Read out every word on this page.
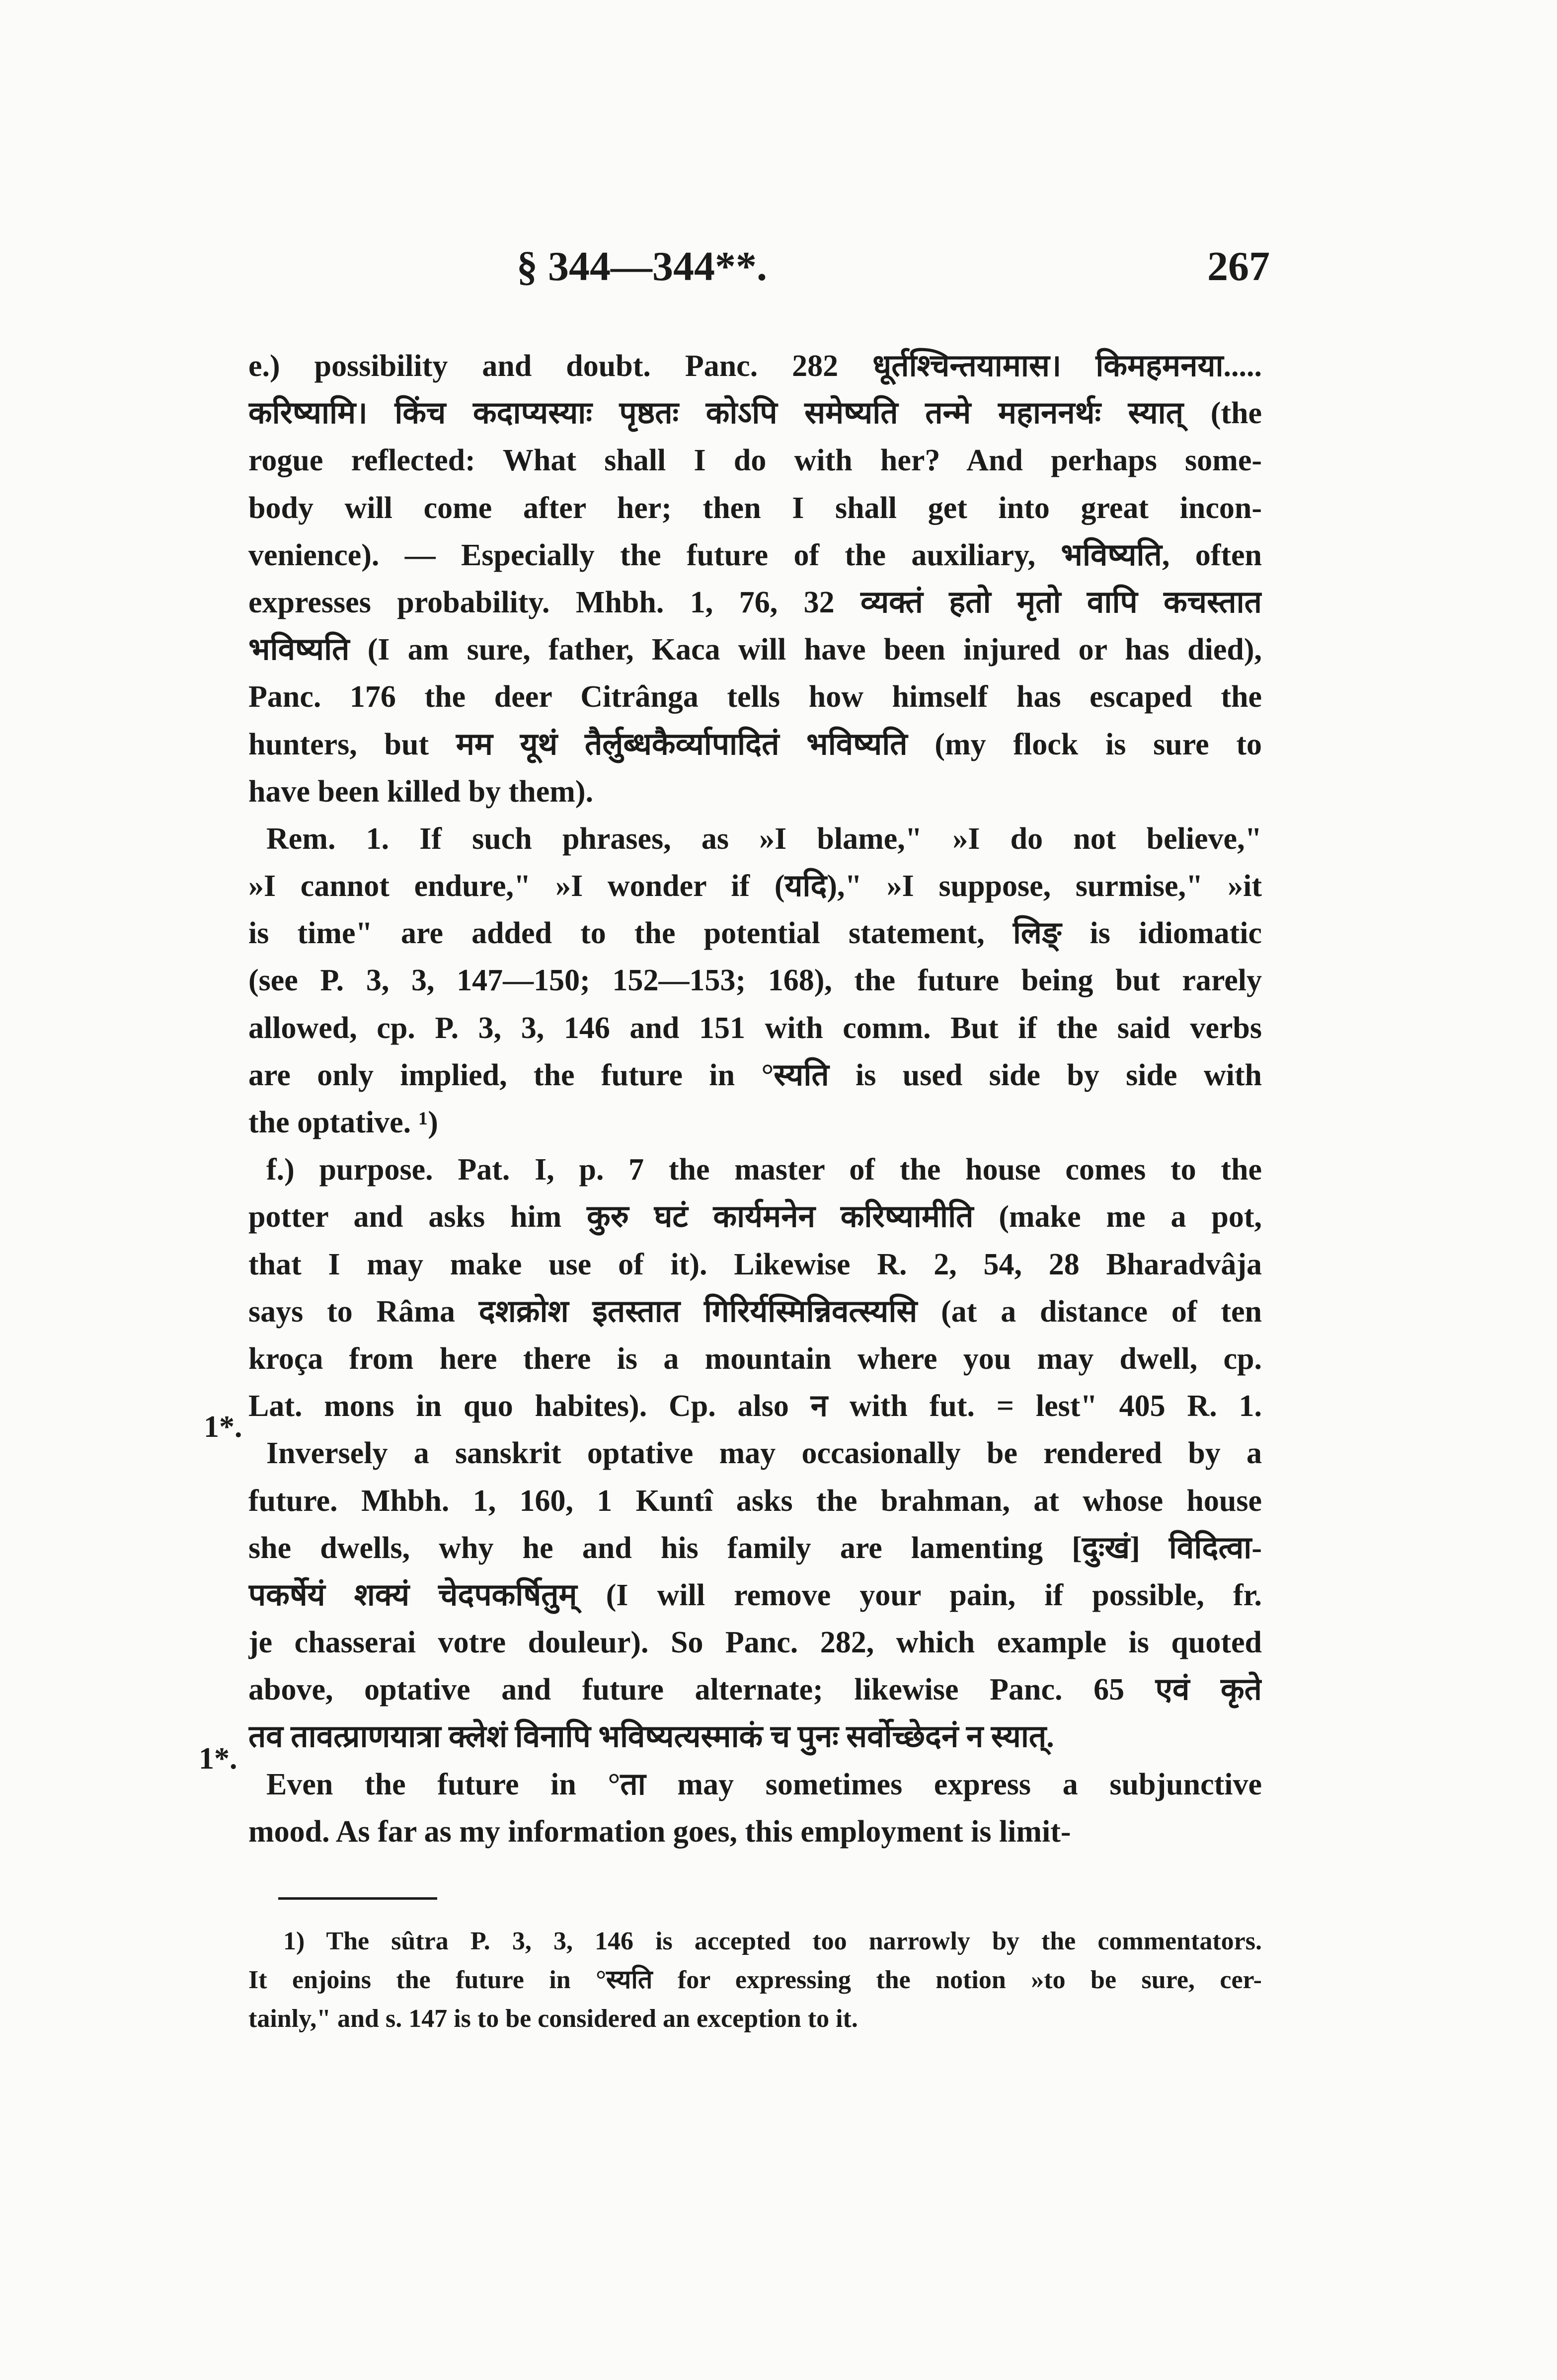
§ 344—344**.	267
e.) possibility and doubt. Panc. 282 धूर्तश्चिन्तयामास। किमहमनया.....
करिष्यामि। किंच कदाप्यस्याः पृष्ठतः कोऽपि समेष्यति तन्मे महाननर्थः स्यात् (the
rogue reflected: What shall I do with her? And perhaps some-
body will come after her; then I shall get into great incon-
venience). — Especially the future of the auxiliary, भविष्यति, often
expresses probability. Mhbh. 1, 76, 32 व्यक्तं हतो मृतो वापि कचस्तात
भविष्यति (I am sure, father, Kaca will have been injured or has died),
Panc. 176 the deer Citrânga tells how himself has escaped the
hunters, but मम यूथं तैर्लुब्धकैर्व्यापादितं भविष्यति (my flock is sure to
have been killed by them).
Rem. 1. If such phrases, as »I blame," »I do not believe,"
»I cannot endure," »I wonder if (यदि)," »I suppose, surmise," »it
is time" are added to the potential statement, लिङ् is idiomatic
(see P. 3, 3, 147—150; 152—153; 168), the future being but rarely
allowed, cp. P. 3, 3, 146 and 151 with comm. But if the said verbs
are only implied, the future in °स्यति is used side by side with
the optative. ¹)
f.) purpose. Pat. I, p. 7 the master of the house comes to the
potter and asks him कुरु घटं कार्यमनेन करिष्यामीति (make me a pot,
that I may make use of it). Likewise R. 2, 54, 28 Bharadvâja
says to Râma दशक्रोश इतस्तात गिरिर्यस्मिन्निवत्स्यसि (at a distance of ten
kroça from here there is a mountain where you may dwell, cp.
Lat. mons in quo habites). Cp. also न with fut. = lest" 405 R. 1.
Inversely a sanskrit optative may occasionally be rendered by a
future. Mhbh. 1, 160, 1 Kuntî asks the brahman, at whose house
she dwells, why he and his family are lamenting [दुःखं] विदित्वा-
पकर्षेयं शक्यं चेदपकर्षितुम् (I will remove your pain, if possible, fr.
je chasserai votre douleur). So Panc. 282, which example is quoted
above, optative and future alternate; likewise Panc. 65 एवं कृते
तव तावत्प्राणयात्रा क्लेशं विनापि भविष्यत्यस्माकं च पुनः सर्वोच्छेदनं न स्यात्.
Even the future in °ता may sometimes express a subjunctive
mood. As far as my information goes, this employment is limit-
1*.
1*.
1) The sûtra P. 3, 3, 146 is accepted too narrowly by the commentators.
It enjoins the future in °स्यति for expressing the notion »to be sure, cer-
tainly," and s. 147 is to be considered an exception to it.
